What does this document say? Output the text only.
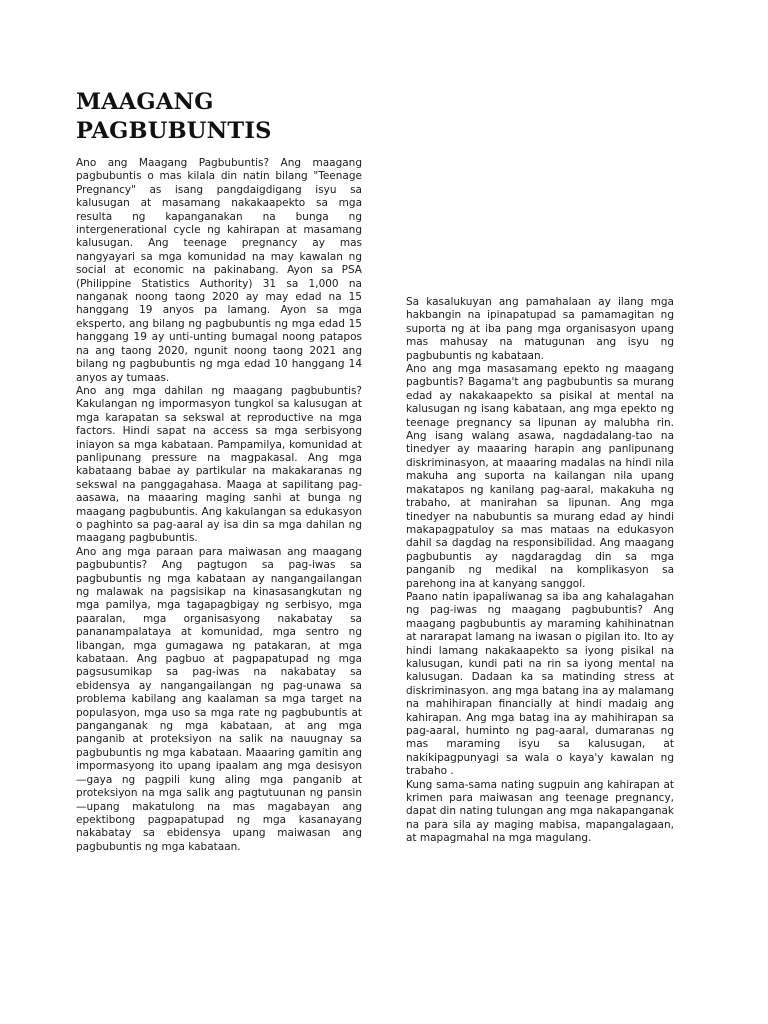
MAAGANG
PAGBUBUNTIS

Ano ang Maagang Pagbubuntis? Ang maagang pagbubuntis o mas kilala din natin bilang "Teenage Pregnancy" as isang pangdaigdigang isyu sa kalusugan at masamang nakakaapekto sa mga resulta ng kapanganakan na bunga ng intergenerational cycle ng kahirapan at masamang kalusugan. Ang teenage pregnancy ay mas nangyayari sa mga komunidad na may kawalan ng social at economic na pakinabang. Ayon sa PSA (Philippine Statistics Authority) 31 sa 1,000 na nanganak noong taong 2020 ay may edad na 15 hanggang 19 anyos pa lamang. Ayon sa mga eksperto, ang bilang ng pagbubuntis ng mga edad 15 hanggang 19 ay unti-unting bumagal noong patapos na ang taong 2020, ngunit noong taong 2021 ang bilang ng pagbubuntis ng mga edad 10 hanggang 14 anyos ay tumaas.

Ano ang mga dahilan ng maagang pagbubuntis? Kakulangan ng impormasyon tungkol sa kalusugan at mga karapatan sa sekswal at reproductive na mga factors. Hindi sapat na access sa mga serbisyong iniayon sa mga kabataan. Pampamilya, komunidad at panlipunang pressure na magpakasal. Ang mga kabataang babae ay partikular na makakaranas ng sekswal na panggagahasa. Maaga at sapilitang pag-aasawa, na maaaring maging sanhi at bunga ng maagang pagbubuntis. Ang kakulangan sa edukasyon o paghinto sa pag-aaral ay isa din sa mga dahilan ng maagang pagbubuntis.

Ano ang mga paraan para maiwasan ang maagang pagbubuntis? Ang pagtugon sa pag-iwas sa pagbubuntis ng mga kabataan ay nangangailangan ng malawak na pagsisikap na kinasasangkutan ng mga pamilya, mga tagapagbigay ng serbisyo, mga paaralan, mga organisasyong nakabatay sa pananampalataya at komunidad, mga sentro ng libangan, mga gumagawa ng patakaran, at mga kabataan. Ang pagbuo at pagpapatupad ng mga pagsusumikap sa pag-iwas na nakabatay sa ebidensya ay nangangailangan ng pag-unawa sa problema kabilang ang kaalaman sa mga target na populasyon, mga uso sa mga rate ng pagbubuntis at panganganak ng mga kabataan, at ang mga panganib at proteksiyon na salik na nauugnay sa pagbubuntis ng mga kabataan. Maaaring gamitin ang impormasyong ito upang ipaalam ang mga desisyon—gaya ng pagpili kung aling mga panganib at proteksiyon na mga salik ang pagtutuunan ng pansin—upang makatulong na mas magabayan ang epektibong pagpapatupad ng mga kasanayang nakabatay sa ebidensya upang maiwasan ang pagbubuntis ng mga kabataan.

Sa kasalukuyan ang pamahalaan ay ilang mga hakbangin na ipinapatupad sa pamamagitan ng suporta ng at iba pang mga organisasyon upang mas mahusay na matugunan ang isyu ng pagbubuntis ng kabataan.

Ano ang mga masasamang epekto ng maagang pagbuntis? Bagama't ang pagbubuntis sa murang edad ay nakakaapekto sa pisikal at mental na kalusugan ng isang kabataan, ang mga epekto ng teenage pregnancy sa lipunan ay malubha rin. Ang isang walang asawa, nagdadalang-tao na tinedyer ay maaaring harapin ang panlipunang diskriminasyon, at maaaring madalas na hindi nila makuha ang suporta na kailangan nila upang makatapos ng kanilang pag-aaral, makakuha ng trabaho, at manirahan sa lipunan. Ang mga tinedyer na nabubuntis sa murang edad ay hindi makapagpatuloy sa mas mataas na edukasyon dahil sa dagdag na responsibilidad. Ang maagang pagbubuntis ay nagdaragdag din sa mga panganib ng medikal na komplikasyon sa parehong ina at kanyang sanggol.

Paano natin ipapaliwanag sa iba ang kahalagahan ng pag-iwas ng maagang pagbubuntis? Ang maagang pagbubuntis ay maraming kahihinatnan at nararapat lamang na iwasan o pigilan ito. Ito ay hindi lamang nakakaapekto sa iyong pisikal na kalusugan, kundi pati na rin sa iyong mental na kalusugan. Dadaan ka sa matinding stress at diskriminasyon. ang mga batang ina ay malamang na mahihirapan financially at hindi madaig ang kahirapan. Ang mga batag ina ay mahihirapan sa pag-aaral, huminto ng pag-aaral, dumaranas ng mas maraming isyu sa kalusugan, at nakikipagpunyagi sa wala o kaya'y kawalan ng trabaho .

Kung sama-sama nating sugpuin ang kahirapan at krimen para maiwasan ang teenage pregnancy, dapat din nating tulungan ang mga nakapanganak na para sila ay maging mabisa, mapangalagaan, at mapagmahal na mga magulang.
